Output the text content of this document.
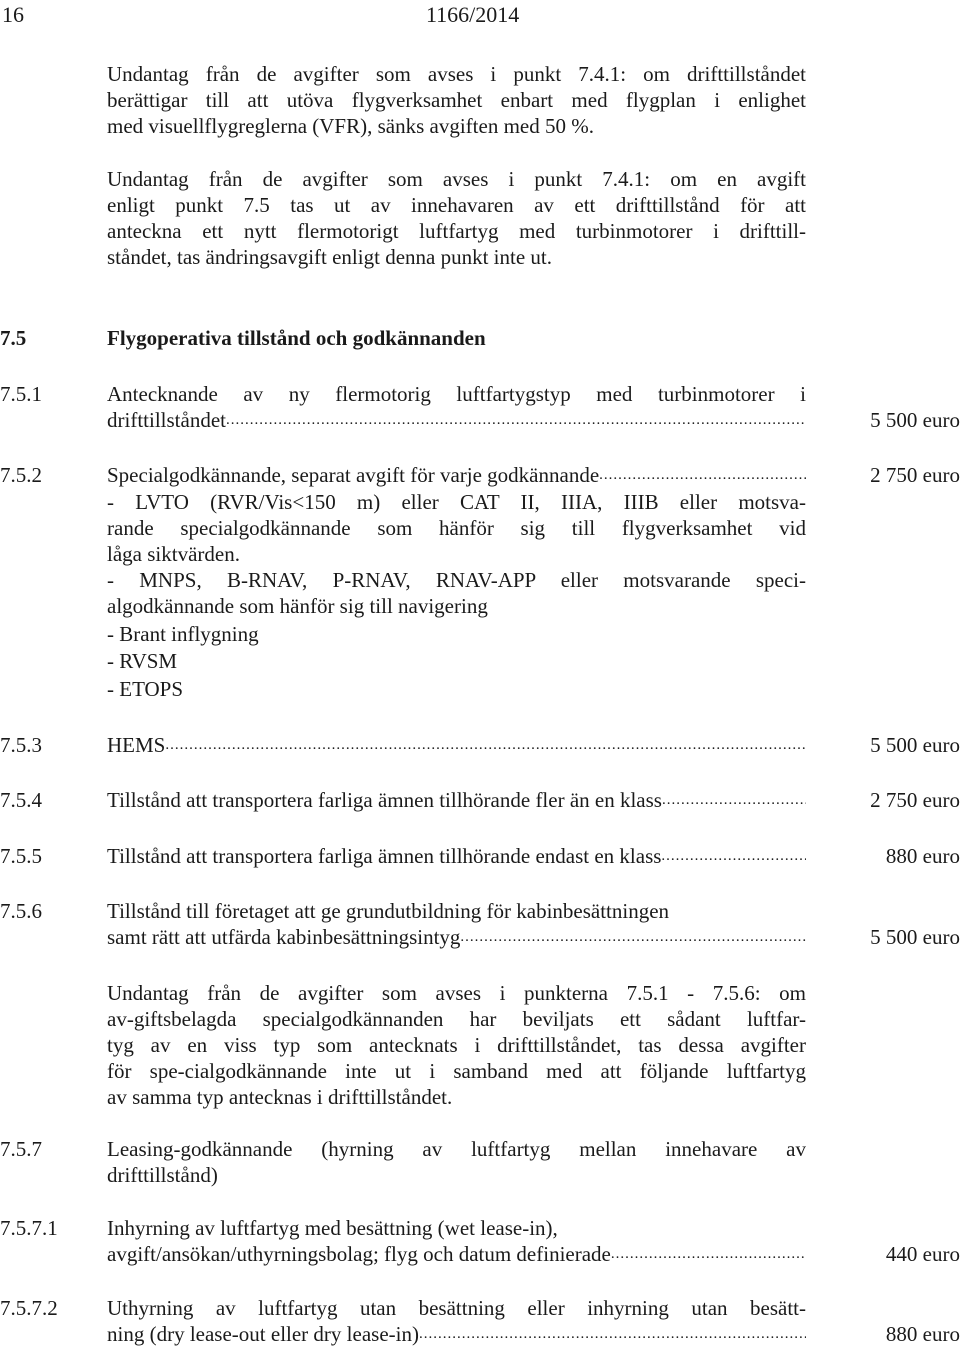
16	1166/2014
Undantag från de avgifter som avses i punkt 7.4.1: om drifttillståndet
berättigar till att utöva flygverksamhet enbart med flygplan i enlighet
med visuellflygreglerna (VFR), sänks avgiften med 50 %.
Undantag från de avgifter som avses i punkt 7.4.1: om en avgift
enligt punkt 7.5 tas ut av innehavaren av ett drifttillstånd för att
anteckna ett nytt flermotorigt luftfartyg med turbinmotorer i drifttill-
ståndet, tas ändringsavgift enligt denna punkt inte ut.
7.5	Flygoperativa tillstånd och godkännanden
7.5.1	Antecknande av ny flermotorig luftfartygstyp med turbinmotorer i
drifttillståndet .....	5 500 euro
7.5.2	Specialgodkännande, separat avgift för varje godkännande .....	2 750 euro
- LVTO (RVR/Vis<150 m) eller CAT II, IIIA, IIIB eller motsva-
rande specialgodkännande som hänför sig till flygverksamhet vid
låga siktvärden.
- MNPS, B-RNAV, P-RNAV, RNAV-APP eller motsvarande speci-
algodkännande som hänför sig till navigering
- Brant inflygning
- RVSM
- ETOPS
7.5.3	HEMS .....	5 500 euro
7.5.4	Tillstånd att transportera farliga ämnen tillhörande fler än en klass .....	2 750 euro
7.5.5	Tillstånd att transportera farliga ämnen tillhörande endast en klass .....	880 euro
7.5.6	Tillstånd till företaget att ge grundutbildning för kabinbesättningen
samt rätt att utfärda kabinbesättningsintyg .....	5 500 euro
Undantag från de avgifter som avses i punkterna 7.5.1 - 7.5.6: om
av-giftsbelagda specialgodkännanden har beviljats ett sådant luftfar-
tyg av en viss typ som antecknats i drifttillståndet, tas dessa avgifter
för spe-cialgodkännande inte ut i samband med att följande luftfartyg
av samma typ antecknas i drifttillståndet.
7.5.7	Leasing-godkännande (hyrning av luftfartyg mellan innehavare av
drifttillstånd)
7.5.7.1 Inhyrning av luftfartyg med besättning (wet lease-in),
avgift/ansökan/uthyrningsbolag; flyg och datum definierade .....	440 euro
7.5.7.2 Uthyrning av luftfartyg utan besättning eller inhyrning utan besätt-
ning (dry lease-out eller dry lease-in) .....	880 euro
